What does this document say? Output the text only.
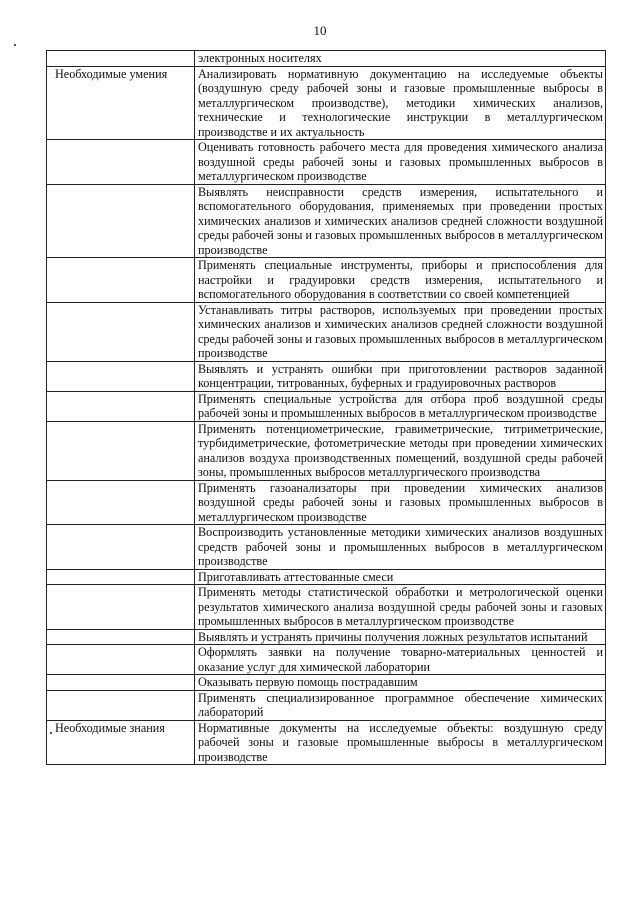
10
	электронных носителях
Необходимые умения	Анализировать нормативную документацию на исследуемые объекты (воздушную среду рабочей зоны и газовые промышленные выбросы в металлургическом производстве), методики химических анализов, технические и технологические инструкции в металлургическом производстве и их актуальность
	Оценивать готовность рабочего места для проведения химического анализа воздушной среды рабочей зоны и газовых промышленных выбросов в металлургическом производстве
	Выявлять неисправности средств измерения, испытательного и вспомогательного оборудования, применяемых при проведении простых химических анализов и химических анализов средней сложности воздушной среды рабочей зоны и газовых промышленных выбросов в металлургическом производстве
	Применять специальные инструменты, приборы и приспособления для настройки и градуировки средств измерения, испытательного и вспомогательного оборудования в соответствии со своей компетенцией
	Устанавливать титры растворов, используемых при проведении простых химических анализов и химических анализов средней сложности воздушной среды рабочей зоны и газовых промышленных выбросов в металлургическом производстве
	Выявлять и устранять ошибки при приготовлении растворов заданной концентрации, титрованных, буферных и градуировочных растворов
	Применять специальные устройства для отбора проб воздушной среды рабочей зоны и промышленных выбросов в металлургическом производстве
	Применять потенциометрические, гравиметрические, титриметрические, турбидиметрические, фотометрические методы при проведении химических анализов воздуха производственных помещений, воздушной среды рабочей зоны, промышленных выбросов металлургического производства
	Применять газоанализаторы при проведении химических анализов воздушной среды рабочей зоны и газовых промышленных выбросов в металлургическом производстве
	Воспроизводить установленные методики химических анализов воздушных средств рабочей зоны и промышленных выбросов в металлургическом производстве
	Приготавливать аттестованные смеси
	Применять методы статистической обработки и метрологической оценки результатов химического анализа воздушной среды рабочей зоны и газовых промышленных выбросов в металлургическом производстве
	Выявлять и устранять причины получения ложных результатов испытаний
	Оформлять заявки на получение товарно-материальных ценностей и оказание услуг для химической лаборатории
	Оказывать первую помощь пострадавшим
	Применять специализированное программное обеспечение химических лабораторий
Необходимые знания	Нормативные документы на исследуемые объекты: воздушную среду рабочей зоны и газовые промышленные выбросы в металлургическом производстве
